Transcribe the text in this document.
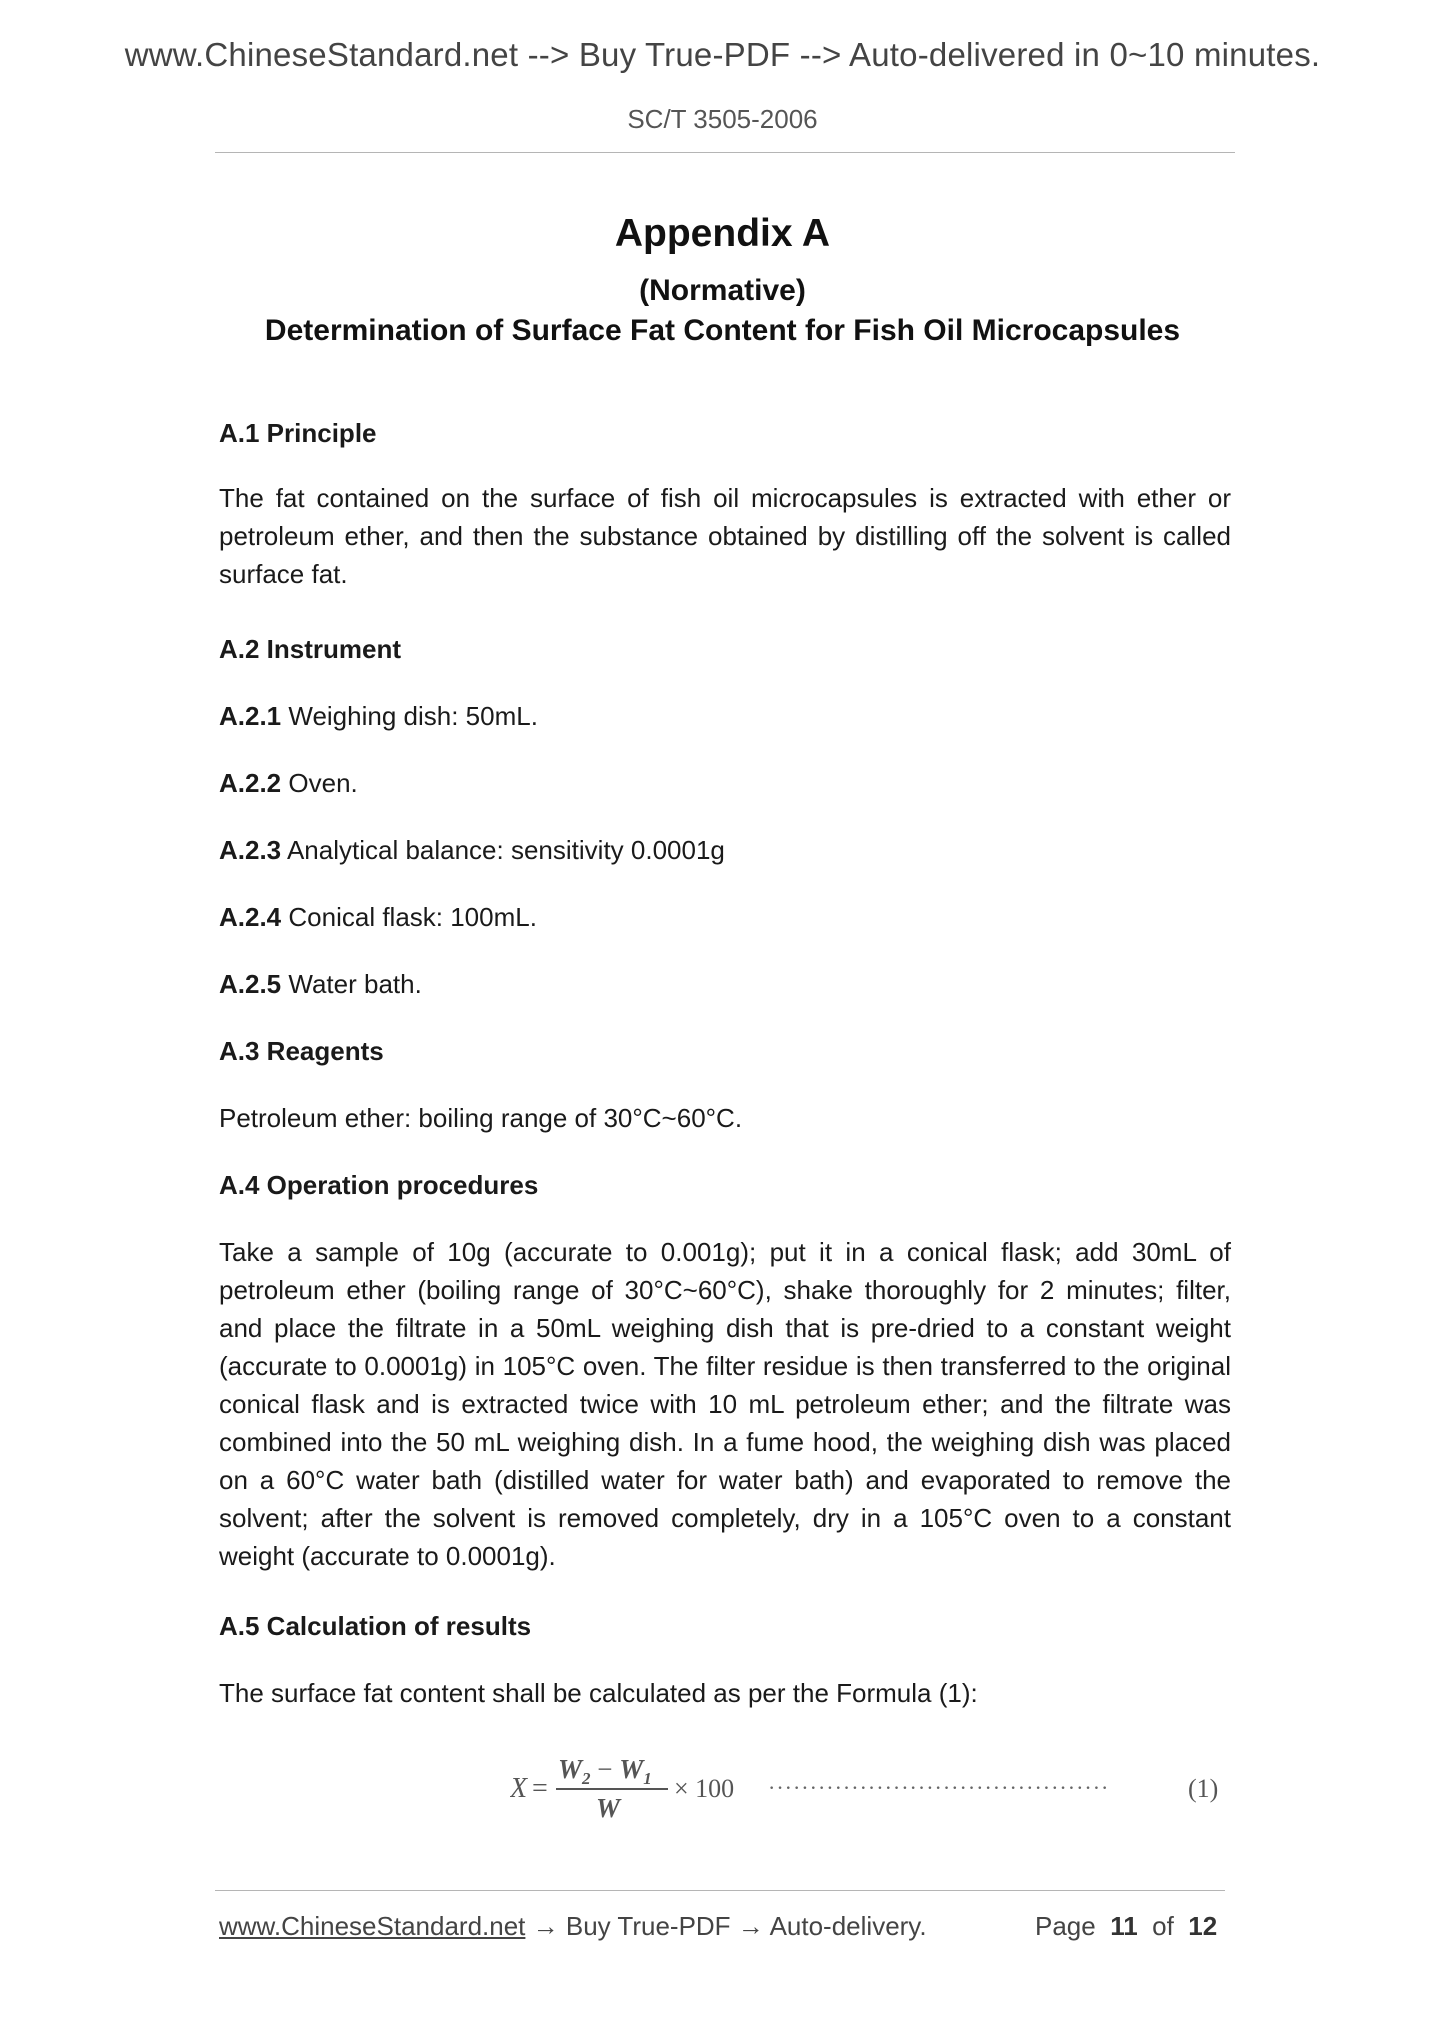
www.ChineseStandard.net --> Buy True-PDF --> Auto-delivered in 0~10 minutes.
SC/T 3505-2006
Appendix A
(Normative)
Determination of Surface Fat Content for Fish Oil Microcapsules
A.1 Principle
The fat contained on the surface of fish oil microcapsules is extracted with ether or petroleum ether, and then the substance obtained by distilling off the solvent is called surface fat.
A.2 Instrument
A.2.1 Weighing dish: 50mL.
A.2.2 Oven.
A.2.3 Analytical balance: sensitivity 0.0001g
A.2.4 Conical flask: 100mL.
A.2.5 Water bath.
A.3 Reagents
Petroleum ether: boiling range of 30°C~60°C.
A.4 Operation procedures
Take a sample of 10g (accurate to 0.001g); put it in a conical flask; add 30mL of petroleum ether (boiling range of 30°C~60°C), shake thoroughly for 2 minutes; filter, and place the filtrate in a 50mL weighing dish that is pre-dried to a constant weight (accurate to 0.0001g) in 105°C oven. The filter residue is then transferred to the original conical flask and is extracted twice with 10 mL petroleum ether; and the filtrate was combined into the 50 mL weighing dish. In a fume hood, the weighing dish was placed on a 60°C water bath (distilled water for water bath) and evaporated to remove the solvent; after the solvent is removed completely, dry in a 105°C oven to a constant weight (accurate to 0.0001g).
A.5 Calculation of results
The surface fat content shall be calculated as per the Formula (1):
X =
$W_2 - W_1$
W
× 100 ·········································	(1)
www.ChineseStandard.net → Buy True-PDF → Auto-delivery.	Page 11 of 12
